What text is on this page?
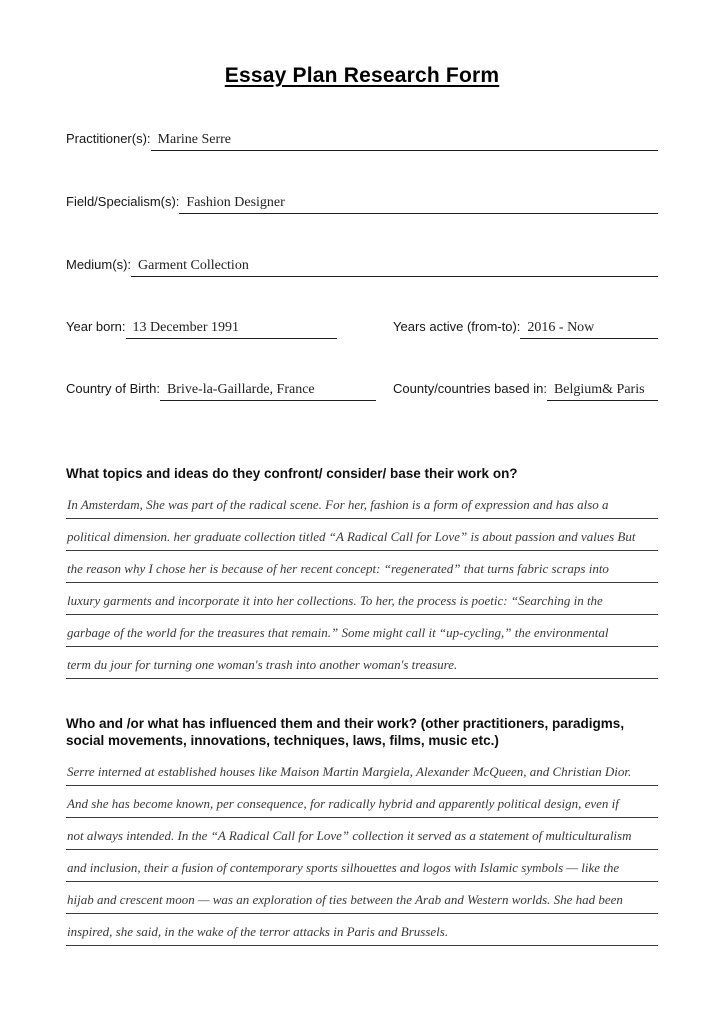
Essay Plan Research Form
Practitioner(s): Marine Serre
Field/Specialism(s): Fashion Designer
Medium(s): Garment Collection
Year born: 13 December 1991	Years active (from-to): 2016 - Now
Country of Birth: Brive-la-Gaillarde, France	County/countries based in: Belgium& Paris
What topics and ideas do they confront/ consider/ base their work on?
In Amsterdam, She was part of the radical scene. For her, fashion is a form of expression and has also a
political dimension. her graduate collection titled “A Radical Call for Love” is about passion and values But
the reason why I chose her is because of her recent concept: “regenerated” that turns fabric scraps into
luxury garments and incorporate it into her collections. To her, the process is poetic: “Searching in the
garbage of the world for the treasures that remain.” Some might call it “up-cycling,” the environmental
term du jour for turning one woman's trash into another woman's treasure.
Who and /or what has influenced them and their work? (other practitioners, paradigms, social movements, innovations, techniques, laws, films, music etc.)
Serre interned at established houses like Maison Martin Margiela, Alexander McQueen, and Christian Dior.
And she has become known, per consequence, for radically hybrid and apparently political design, even if
not always intended. In the “A Radical Call for Love” collection it served as a statement of multiculturalism
and inclusion, their a fusion of contemporary sports silhouettes and logos with Islamic symbols — like the
hijab and crescent moon — was an exploration of ties between the Arab and Western worlds. She had been
inspired, she said, in the wake of the terror attacks in Paris and Brussels.
